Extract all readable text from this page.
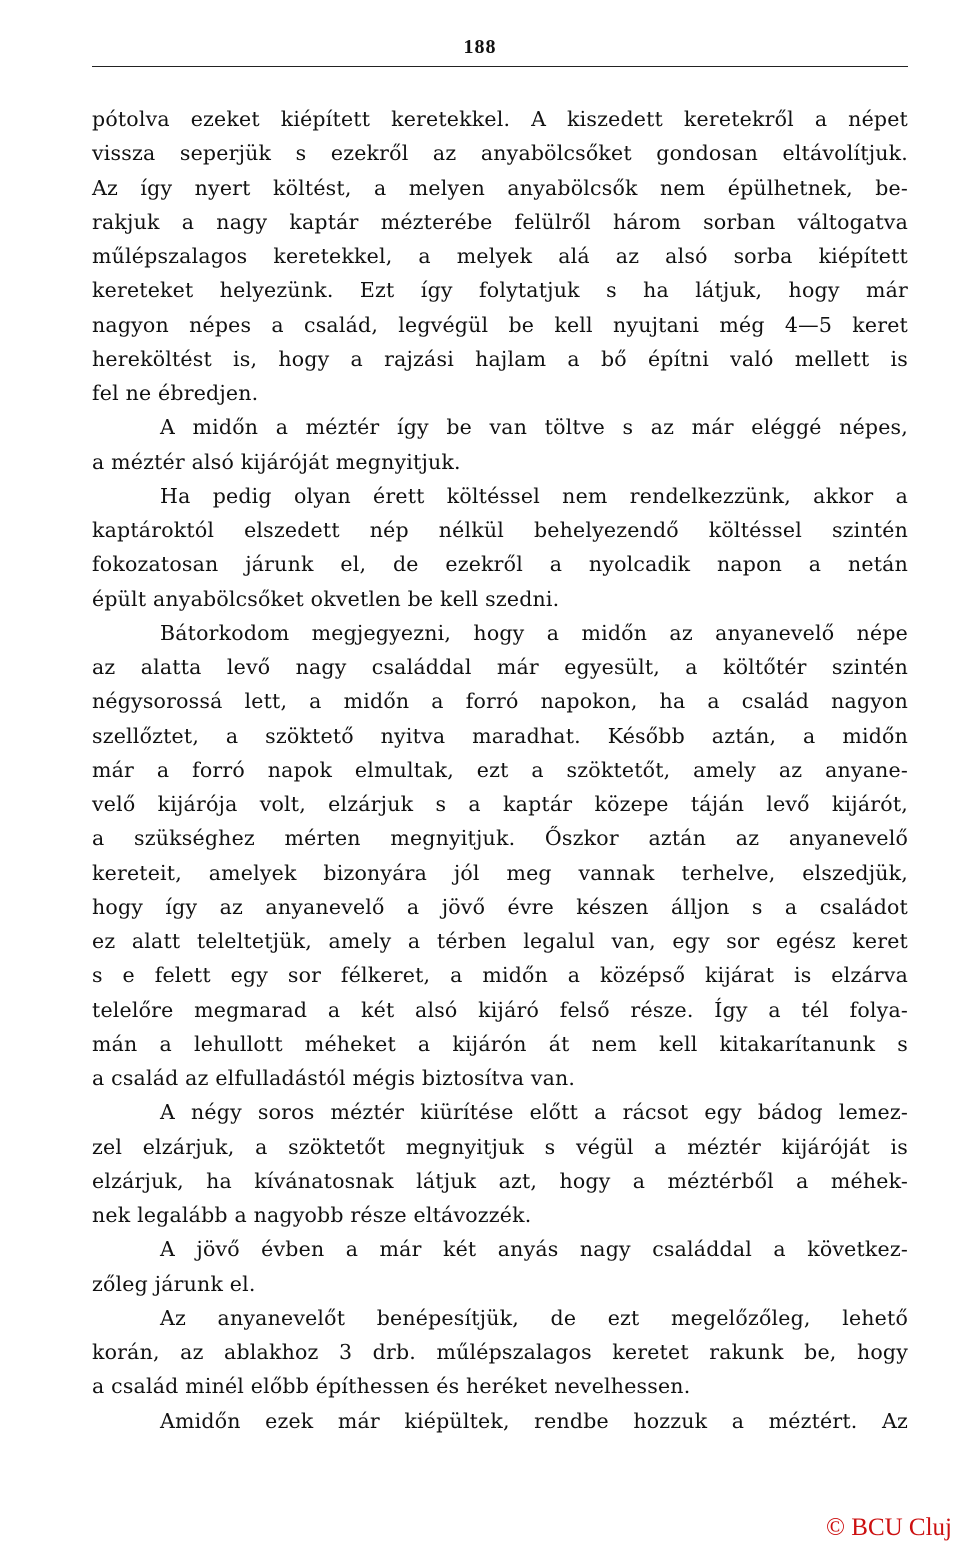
188
pótolva ezeket kiépített keretekkel. A kiszedett keretekről a népet
vissza seperjük s ezekről az anyabölcsőket gondosan eltávolítjuk.
Az így nyert költést, a melyen anyabölcsők nem épülhetnek, be-
rakjuk a nagy kaptár mézterébe felülről három sorban váltogatva
műlépszalagos keretekkel, a melyek alá az alsó sorba kiépített
kereteket helyezünk. Ezt így folytatjuk s ha látjuk, hogy már
nagyon népes a család, legvégül be kell nyujtani még 4—5 keret
hereköltést is, hogy a rajzási hajlam a bő építni való mellett is
fel ne ébredjen.
A midőn a méztér így be van töltve s az már eléggé népes,
a méztér alsó kijáróját megnyitjuk.
Ha pedig olyan érett költéssel nem rendelkezzünk, akkor a
kaptároktól elszedett nép nélkül behelyezendő költéssel szintén
fokozatosan járunk el, de ezekről a nyolcadik napon a netán
épült anyabölcsőket okvetlen be kell szedni.
Bátorkodom megjegyezni, hogy a midőn az anyanevelő népe
az alatta levő nagy családdal már egyesült, a költőtér szintén
négysorossá lett, a midőn a forró napokon, ha a család nagyon
szellőztet, a szöktető nyitva maradhat. Később aztán, a midőn
már a forró napok elmultak, ezt a szöktetőt, amely az anyane-
velő kijárója volt, elzárjuk s a kaptár közepe táján levő kijárót,
a szükséghez mérten megnyitjuk. Őszkor aztán az anyanevelő
kereteit, amelyek bizonyára jól meg vannak terhelve, elszedjük,
hogy így az anyanevelő a jövő évre készen álljon s a családot
ez alatt teleltetjük, amely a térben legalul van, egy sor egész keret
s e felett egy sor félkeret, a midőn a középső kijárat is elzárva
telelőre megmarad a két alsó kijáró felső része. Így a tél folya-
mán a lehullott méheket a kijárón át nem kell kitakarítanunk s
a család az elfulladástól mégis biztosítva van.
A négy soros méztér kiürítése előtt a rácsot egy bádog lemez-
zel elzárjuk, a szöktetőt megnyitjuk s végül a méztér kijáróját is
elzárjuk, ha kívánatosnak látjuk azt, hogy a méztérből a méhek-
nek legalább a nagyobb része eltávozzék.
A jövő évben a már két anyás nagy családdal a következ-
zőleg járunk el.
Az anyanevelőt benépesítjük, de ezt megelőzőleg, lehető
korán, az ablakhoz 3 drb. műlépszalagos keretet rakunk be, hogy
a család minél előbb építhessen és heréket nevelhessen.
Amidőn ezek már kiépültek, rendbe hozzuk a méztért. Az
© BCU Cluj
